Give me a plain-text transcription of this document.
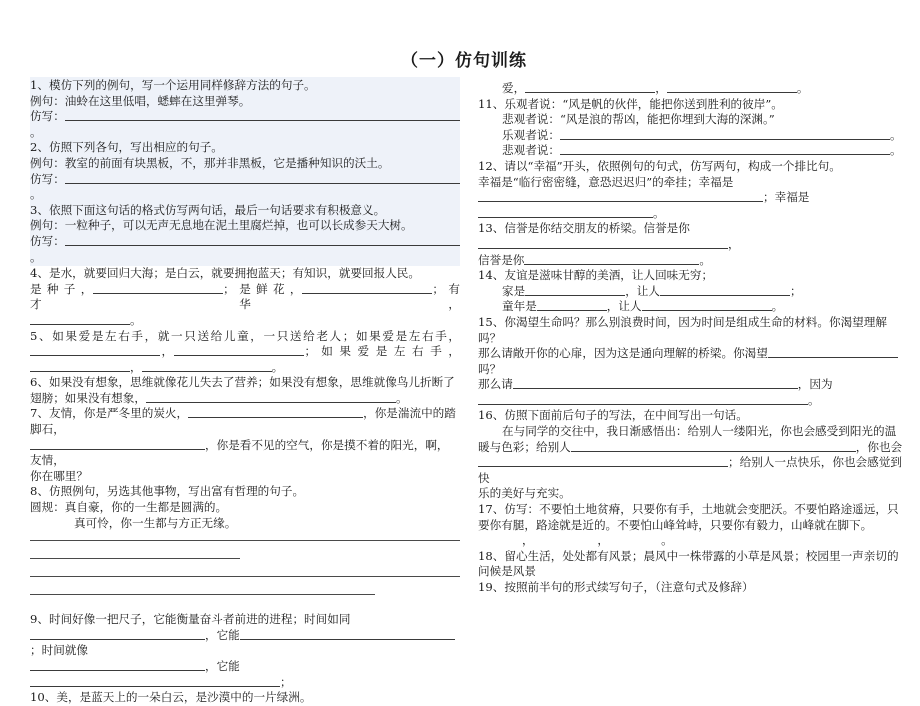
（一）仿句训练

1、模仿下列的例句，写一个运用同样修辞方法的句子。

例句：油蛉在这里低唱，蟋蟀在这里弹琴。

仿写：。

2、仿照下列各句，写出相应的句子。

例句：教室的前面有块黑板，不，那并非黑板，它是播种知识的沃土。

仿写：。

3、依照下面这句话的格式仿写两句话，最后一句话要求有积极意义。

例句：一粒种子，可以无声无息地在泥土里腐烂掉，也可以长成参天大树。

仿写：。

4、是水，就要回归大海；是白云，就要拥抱蓝天；有知识，就要回报人民。

是 种 子 ，	； 是 鲜 花 ，	； 有 才 华 ，

。

5、如果爱是左右手，就一只送给儿童，一只送给老人；如果爱是左右手，

，	； 如 果 爱 是 左 右 手 ，

，	。

6、如果没有想象，思维就像花儿失去了营养；如果没有想象，思维就像鸟儿折断了

翅膀；如果没有想象，	。

7、友情，你是严冬里的炭火，	，你是湍流中的踏脚石，

，你是看不见的空气，你是摸不着的阳光，啊，友情，

你在哪里？

8、仿照例句，另选其他事物，写出富有哲理的句子。

圆规：真自豪，你的一生都是圆满的。

真可怜，你一生都与方正无缘。

9、时间好像一把尺子，它能衡量奋斗者前进的进程；时间如同

，它能；时间就像

，它能；

10、美，是蓝天上的一朵白云，是沙漠中的一片绿洲。

爱，	，	。

11、乐观者说：“风是帆的伙伴，能把你送到胜利的彼岸”。

悲观者说：“风是浪的帮凶，能把你埋到大海的深渊。”

乐观者说：	。

悲观者说：	。

12、请以“幸福”开头，依照例句的句式，仿写两句，构成一个排比句。

幸福是“临行密密缝，意恐迟迟归”的牵挂；幸福是

；幸福是

。

13、信誉是你结交朋友的桥梁。信誉是你，

信誉是你	。

14、友谊是滋味甘醇的美酒，让人回味无穷；

家是	，让人	；

童年是	，让人	。

15、你渴望生命吗？那么别浪费时间，因为时间是组成生命的材料。你渴望理解吗？

那么请敞开你的心扉，因为这是通向理解的桥梁。你渴望吗？

那么请	，因为

。

16、仿照下面前后句子的写法，在中间写出一句话。

在与同学的交往中，我日渐感悟出：给别人一缕阳光，你也会感受到阳光的温

暖与色彩；给别人	，你也会

；给别人一点快乐，你也会感觉到快

乐的美好与充实。

17、仿写：不要怕土地贫瘠，只要你有手，土地就会变肥沃。不要怕路途遥远，只

要你有腿，路途就是近的。不要怕山峰耸峙，只要你有毅力，山峰就在脚下。

，　　　　　　，　　　　　。

18、留心生活，处处都有风景；晨风中一株带露的小草是风景；校园里一声亲切的

问候是风景

19、按照前半句的形式续写句子，（注意句式及修辞）
